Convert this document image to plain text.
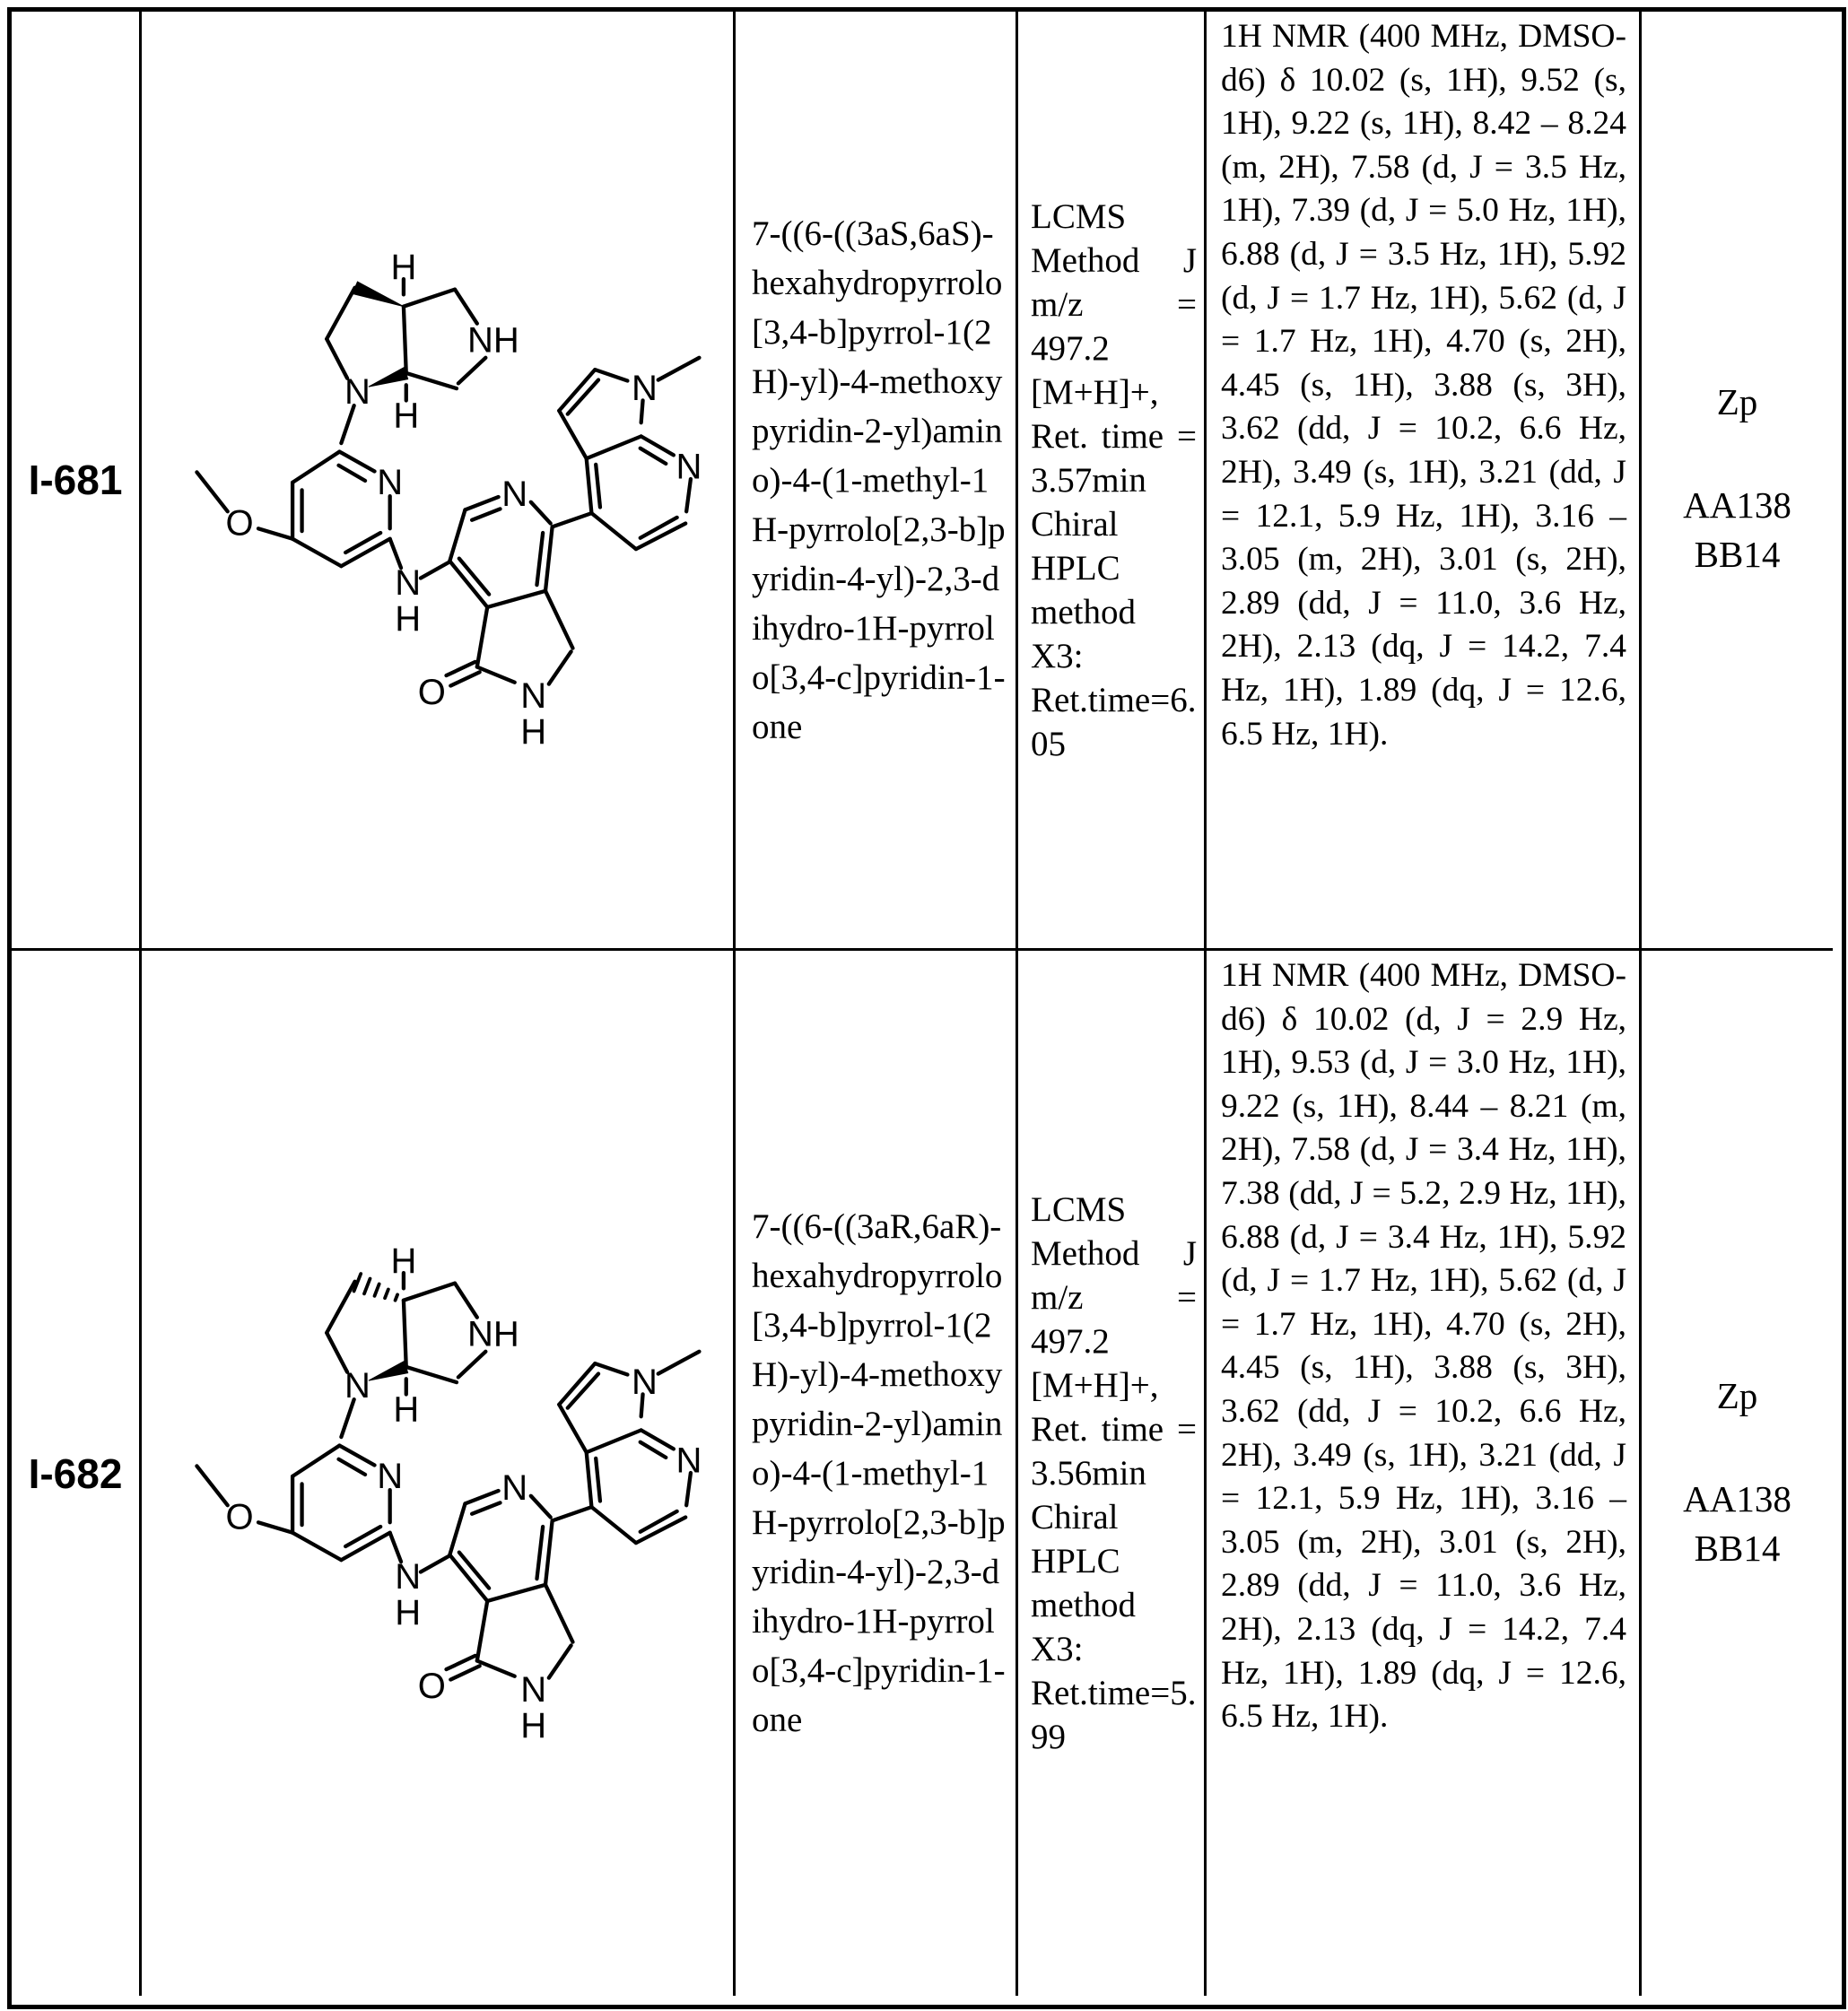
I-681
H
H
NH
N
N
O
N
H
N
O N
H
N
N
7-((6-((3aS,6aS)-hexahydropyrrolo[3,4-b]pyrrol-1(2H)-yl)-4-methoxypyridin-2-yl)amino)-4-(1-methyl-1H-pyrrolo[2,3-b]pyridin-4-yl)-2,3-dihydro-1H-pyrrolo[3,4-c]pyridin-1-one
LCMS Method J m/z = 497.2 [M+H]+, Ret. time = 3.57min Chiral HPLC method X3: Ret.time=6.05
1H NMR (400 MHz, DMSO-d6) δ 10.02 (s, 1H), 9.52 (s, 1H), 9.22 (s, 1H), 8.42 – 8.24 (m, 2H), 7.58 (d, J = 3.5 Hz, 1H), 7.39 (d, J = 5.0 Hz, 1H), 6.88 (d, J = 3.5 Hz, 1H), 5.92 (d, J = 1.7 Hz, 1H), 5.62 (d, J = 1.7 Hz, 1H), 4.70 (s, 2H), 4.45 (s, 1H), 3.88 (s, 3H), 3.62 (dd, J = 10.2, 6.6 Hz, 2H), 3.49 (s, 1H), 3.21 (dd, J = 12.1, 5.9 Hz, 1H), 3.16 – 3.05 (m, 2H), 3.01 (s, 2H), 2.89 (dd, J = 11.0, 3.6 Hz, 2H), 2.13 (dq, J = 14.2, 7.4 Hz, 1H), 1.89 (dq, J = 12.6, 6.5 Hz, 1H).
Zp
AA138
BB14
I-682
H
H
NH
N
N
O
N
H
N
O N
H
N
N
7-((6-((3aR,6aR)-hexahydropyrrolo[3,4-b]pyrrol-1(2H)-yl)-4-methoxypyridin-2-yl)amino)-4-(1-methyl-1H-pyrrolo[2,3-b]pyridin-4-yl)-2,3-dihydro-1H-pyrrolo[3,4-c]pyridin-1-one
LCMS Method J m/z = 497.2 [M+H]+, Ret. time = 3.56min Chiral HPLC method X3: Ret.time=5.99
1H NMR (400 MHz, DMSO-d6) δ 10.02 (d, J = 2.9 Hz, 1H), 9.53 (d, J = 3.0 Hz, 1H), 9.22 (s, 1H), 8.44 – 8.21 (m, 2H), 7.58 (d, J = 3.4 Hz, 1H), 7.38 (dd, J = 5.2, 2.9 Hz, 1H), 6.88 (d, J = 3.4 Hz, 1H), 5.92 (d, J = 1.7 Hz, 1H), 5.62 (d, J = 1.7 Hz, 1H), 4.70 (s, 2H), 4.45 (s, 1H), 3.88 (s, 3H), 3.62 (dd, J = 10.2, 6.6 Hz, 2H), 3.49 (s, 1H), 3.21 (dd, J = 12.1, 5.9 Hz, 1H), 3.16 – 3.05 (m, 2H), 3.01 (s, 2H), 2.89 (dd, J = 11.0, 3.6 Hz, 2H), 2.13 (dq, J = 14.2, 7.4 Hz, 1H), 1.89 (dq, J = 12.6, 6.5 Hz, 1H).
Zp
AA138
BB14
